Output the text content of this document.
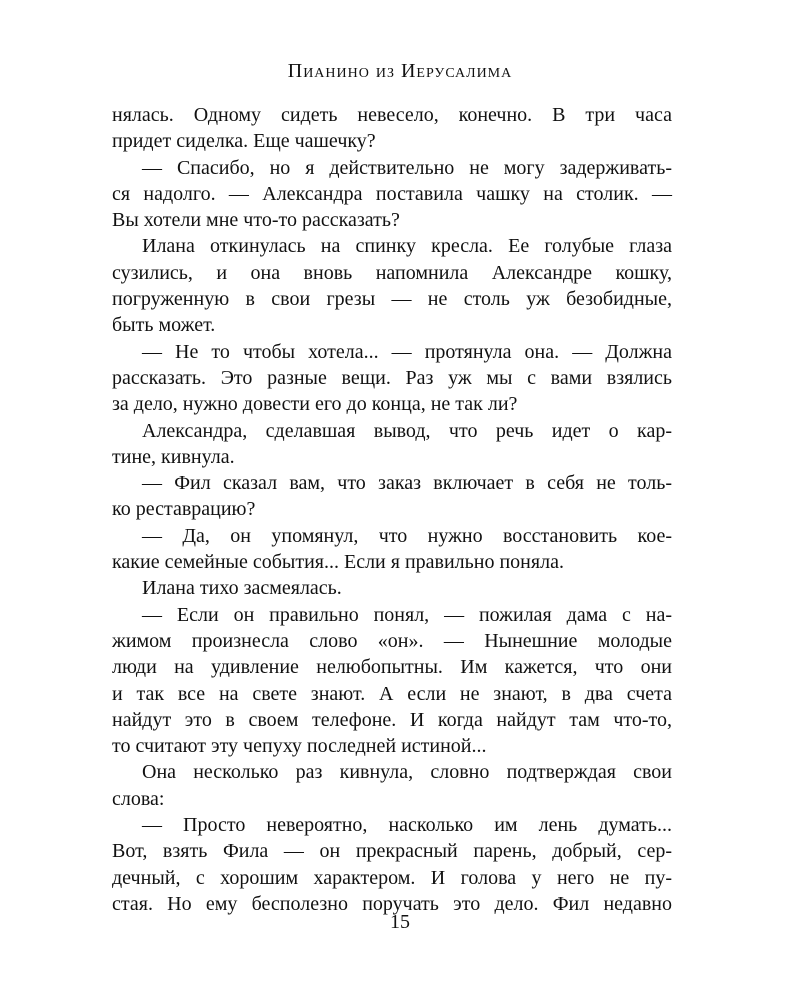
Пианино из Иерусалима
нялась. Одному сидеть невесело, конечно. В три часа
придет сиделка. Еще чашечку?
— Спасибо, но я действительно не могу задерживать-
ся надолго. — Александра поставила чашку на столик. —
Вы хотели мне что-то рассказать?
Илана откинулась на спинку кресла. Ее голубые глаза
сузились, и она вновь напомнила Александре кошку,
погруженную в свои грезы — не столь уж безобидные,
быть может.
— Не то чтобы хотела... — протянула она. — Должна
рассказать. Это разные вещи. Раз уж мы с вами взялись
за дело, нужно довести его до конца, не так ли?
Александра, сделавшая вывод, что речь идет о кар-
тине, кивнула.
— Фил сказал вам, что заказ включает в себя не толь-
ко реставрацию?
— Да, он упомянул, что нужно восстановить кое-
какие семейные события... Если я правильно поняла.
Илана тихо засмеялась.
— Если он правильно понял, — пожилая дама с на-
жимом произнесла слово «он». — Нынешние молодые
люди на удивление нелюбопытны. Им кажется, что они
и так все на свете знают. А если не знают, в два счета
найдут это в своем телефоне. И когда найдут там что-то,
то считают эту чепуху последней истиной...
Она несколько раз кивнула, словно подтверждая свои
слова:
— Просто невероятно, насколько им лень думать...
Вот, взять Фила — он прекрасный парень, добрый, сер-
дечный, с хорошим характером. И голова у него не пу-
стая. Но ему бесполезно поручать это дело. Фил недавно
15
